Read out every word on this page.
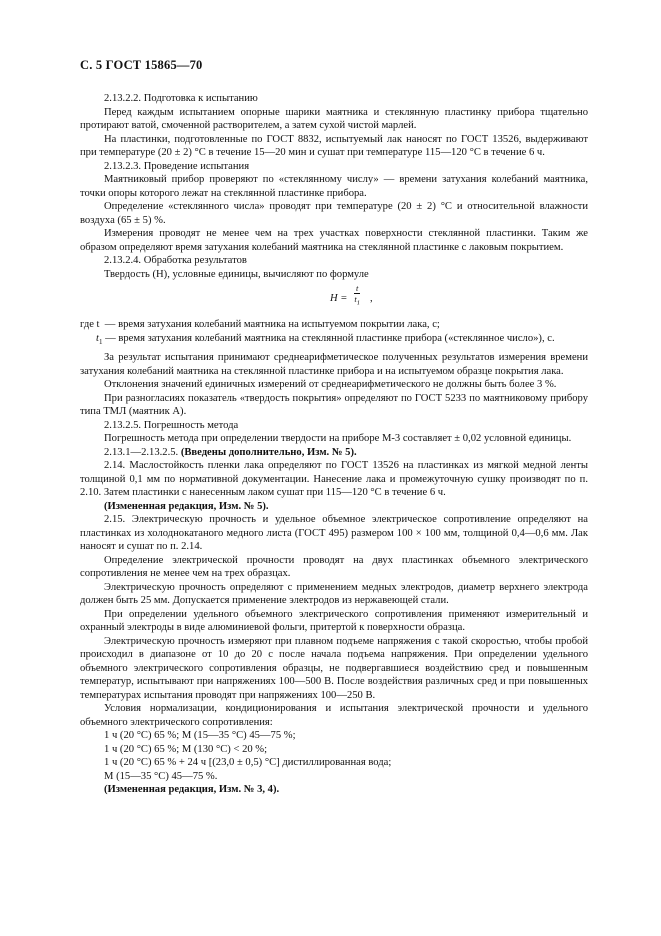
С. 5 ГОСТ 15865—70

2.13.2.2. Подготовка к испытанию

Перед каждым испытанием опорные шарики маятника и стеклянную пластинку прибора тщательно протирают ватой, смоченной растворителем, а затем сухой чистой марлей.

На пластинки, подготовленные по ГОСТ 8832, испытуемый лак наносят по ГОСТ 13526, выдерживают при температуре (20 ± 2) °С в течение 15—20 мин и сушат при температуре 115—120 °С в течение 6 ч.

2.13.2.3. Проведение испытания

Маятниковый прибор проверяют по «стеклянному числу» — времени затухания колебаний маятника, точки опоры которого лежат на стеклянной пластинке прибора.

Определение «стеклянного числа» проводят при температуре (20 ± 2) °С и относительной влажности воздуха (65 ± 5) %.

Измерения проводят не менее чем на трех участках поверхности стеклянной пластинки. Таким же образом определяют время затухания колебаний маятника на стеклянной пластинке с лаковым покрытием.

2.13.2.4. Обработка результатов

Твердость (Н), условные единицы, вычисляют по формуле

$H = \frac{t}{t_1}$ ,
где t  — время затухания колебаний маятника на испытуемом покрытии лака, с;
$t_1$ — время затухания колебаний маятника на стеклянной пластинке прибора («стеклянное число»), с.

За результат испытания принимают среднеарифметическое полученных результатов измерения времени затухания колебаний маятника на стеклянной пластинке прибора и на испытуемом образце покрытия лака.

Отклонения значений единичных измерений от среднеарифметического не должны быть более 3 %.

При разногласиях показатель «твердость покрытия» определяют по ГОСТ 5233 по маятниковому прибору типа ТМЛ (маятник А).

2.13.2.5. Погрешность метода

Погрешность метода при определении твердости на приборе М-3 составляет ± 0,02 условной единицы.

2.13.1—2.13.2.5. (Введены дополнительно, Изм. № 5).

2.14. Маслостойкость пленки лака определяют по ГОСТ 13526 на пластинках из мягкой медной ленты толщиной 0,1 мм по нормативной документации. Нанесение лака и промежуточную сушку производят по п. 2.10. Затем пластинки с нанесенным лаком сушат при 115—120 °С в течение 6 ч.

(Измененная редакция, Изм. № 5).

2.15. Электрическую прочность и удельное объемное электрическое сопротивление определяют на пластинках из холоднокатаного медного листа (ГОСТ 495) размером 100 × 100 мм, толщиной 0,4—0,6 мм. Лак наносят и сушат по п. 2.14.

Определение электрической прочности проводят на двух пластинках объемного электрического сопротивления не менее чем на трех образцах.

Электрическую прочность определяют с применением медных электродов, диаметр верхнего электрода должен быть 25 мм. Допускается применение электродов из нержавеющей стали.

При определении удельного объемного электрического сопротивления применяют измерительный и охранный электроды в виде алюминиевой фольги, притертой к поверхности образца.

Электрическую прочность измеряют при плавном подъеме напряжения с такой скоростью, чтобы пробой происходил в диапазоне от 10 до 20 с после начала подъема напряжения. При определении удельного объемного электрического сопротивления образцы, не подвергавшиеся воздействию сред и повышенным температур, испытывают при напряжениях 100—500 В. После воздействия различных сред и при повышенных температурах испытания проводят при напряжениях 100—250 В.

Условия нормализации, кондиционирования и испытания электрической прочности и удельного объемного электрического сопротивления:

1 ч (20 °С) 65 %; М (15—35 °С) 45—75 %;

1 ч (20 °С) 65 %; М (130 °С) < 20 %;

1 ч (20 °С) 65 % + 24 ч [(23,0 ± 0,5) °С] дистиллированная вода;

М (15—35 °С) 45—75 %.

(Измененная редакция, Изм. № 3, 4).
